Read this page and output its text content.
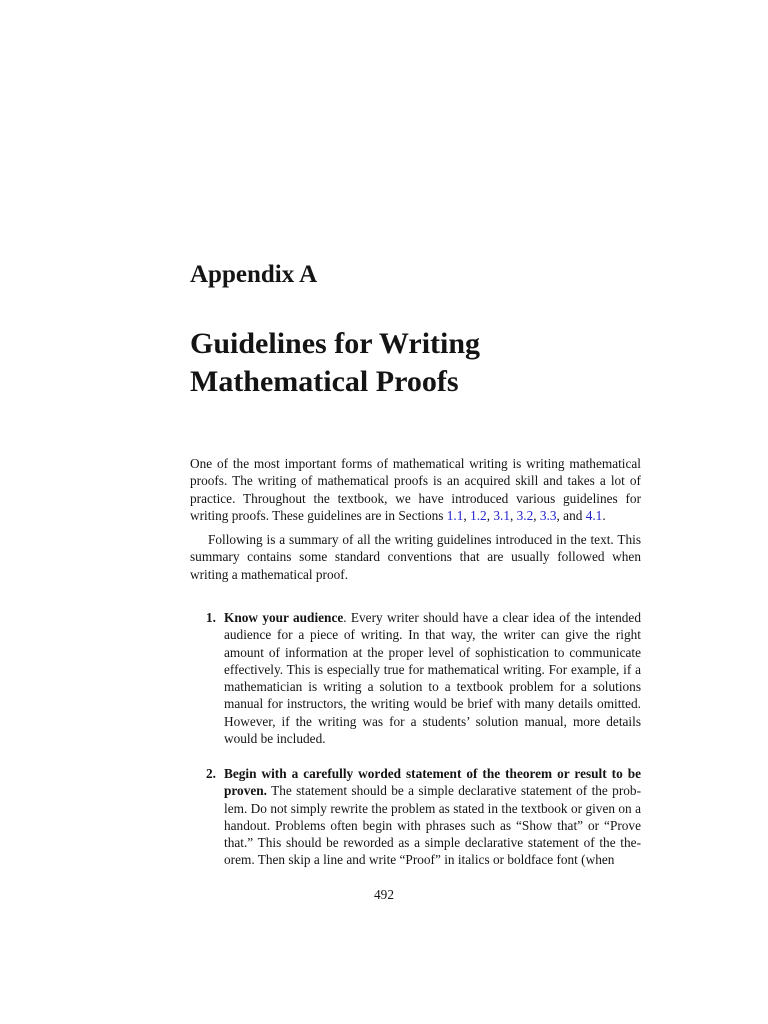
Appendix A
Guidelines for Writing
Mathematical Proofs

One of the most important forms of mathematical writing is writing mathematical proofs. The writing of mathematical proofs is an acquired skill and takes a lot of practice. Throughout the textbook, we have introduced various guidelines for writing proofs. These guidelines are in Sections 1.1, 1.2, 3.1, 3.2, 3.3, and 4.1.

Following is a summary of all the writing guidelines introduced in the text. This summary contains some standard conventions that are usually followed when writing a mathematical proof.

1. Know your audience. Every writer should have a clear idea of the intended audience for a piece of writing. In that way, the writer can give the right amount of information at the proper level of sophistication to communicate effectively. This is especially true for mathematical writing. For example, if a mathematician is writing a solution to a textbook problem for a solutions manual for instructors, the writing would be brief with many details omitted. However, if the writing was for a students’ solution manual, more details would be included.
2. Begin with a carefully worded statement of the theorem or result to be proven. The statement should be a simple declarative statement of the problem. Do not simply rewrite the problem as stated in the textbook or given on a handout. Problems often begin with phrases such as “Show that” or “Prove that.” This should be reworded as a simple declarative statement of the theorem. Then skip a line and write “Proof” in italics or boldface font (when

492
